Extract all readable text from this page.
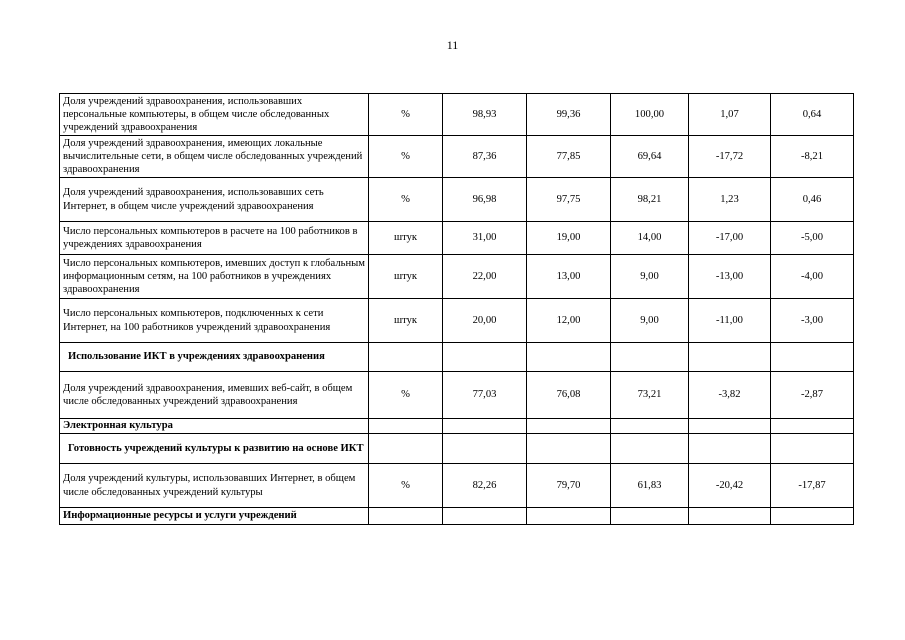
11
Доля учреждений здравоохранения, использовавших персональные компьютеры, в общем числе обследованных учреждений здравоохранения	%	98,93	99,36	100,00	1,07	0,64
Доля учреждений здравоохранения, имеющих локальные вычислительные сети, в общем числе обследованных учреждений здравоохранения	%	87,36	77,85	69,64	-17,72	-8,21
Доля учреждений здравоохранения, использовавших сеть Интернет, в общем числе учреждений здравоохранения	%	96,98	97,75	98,21	1,23	0,46
Число персональных компьютеров в расчете на 100 работников в учреждениях здравоохранения	штук	31,00	19,00	14,00	-17,00	-5,00
Число персональных компьютеров, имевших доступ к глобальным информационным сетям, на 100 работников в учреждениях здравоохранения	штук	22,00	13,00	9,00	-13,00	-4,00
Число персональных компьютеров, подключенных к сети Интернет, на 100 работников учреждений здравоохранения	штук	20,00	12,00	9,00	-11,00	-3,00
Использование ИКТ в учреждениях здравоохранения						
Доля учреждений здравоохранения, имевших веб-сайт, в общем числе обследованных учреждений здравоохранения	%	77,03	76,08	73,21	-3,82	-2,87
Электронная культура						
Готовность учреждений культуры к развитию на основе ИКТ						
Доля учреждений культуры, использовавших Интернет, в общем числе обследованных учреждений культуры	%	82,26	79,70	61,83	-20,42	-17,87
Информационные ресурсы и услуги учреждений						
